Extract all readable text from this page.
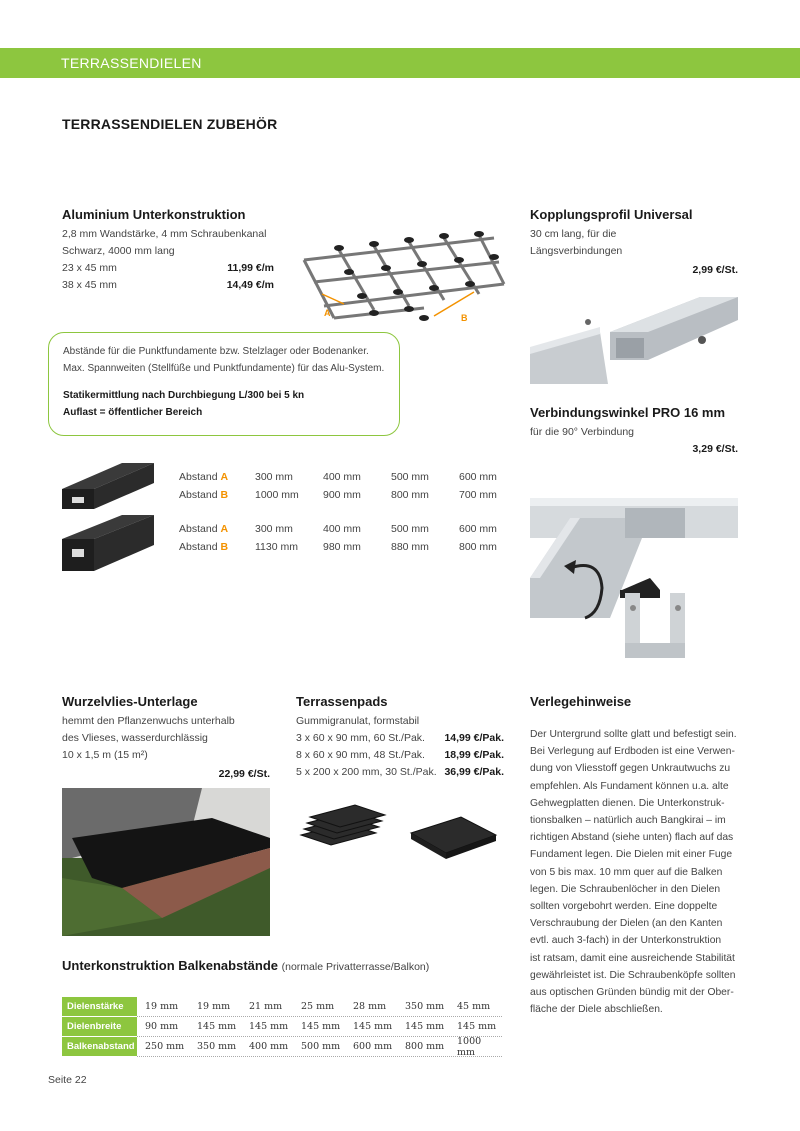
TERRASSENDIELEN
TERRASSENDIELEN ZUBEHÖR
Aluminium Unterkonstruktion
2,8 mm Wandstärke, 4 mm Schraubenkanal
Schwarz, 4000 mm lang
23 x 45 mm	11,99 €/m
38 x 45 mm	14,49 €/m
A	B
Abstände für die Punktfundamente bzw. Stelzlager oder Bodenanker.
Max. Spannweiten (Stellfüße und Punktfundamente) für das Alu-System.
Statikermittlung nach Durchbiegung L/300 bei 5 kn
Auflast = öffentlicher Bereich
Abstand A	300 mm	400 mm	500 mm	600 mm
Abstand B	1000 mm	900 mm	800 mm	700 mm
Abstand A	300 mm	400 mm	500 mm	600 mm
Abstand B	1130 mm	980 mm	880 mm	800 mm
Kopplungsprofil Universal
30 cm lang, für die
Längsverbindungen
2,99 €/St.
Verbindungswinkel PRO 16 mm
für die 90° Verbindung
3,29 €/St.
Wurzelvlies-Unterlage
hemmt den Pflanzenwuchs unterhalb
des Vlieses, wasserdurchlässig
10 x 1,5 m (15 m²)
22,99 €/St.
Terrassenpads
Gummigranulat, formstabil
3 x 60 x 90 mm, 60 St./Pak. 14,99 €/Pak.
8 x 60 x 90 mm, 48 St./Pak. 18,99 €/Pak.
5 x 200 x 200 mm, 30 St./Pak. 36,99 €/Pak.
Verlegehinweise
Der Untergrund sollte glatt und befestigt sein.
Bei Verlegung auf Erdboden ist eine Verwen-
dung von Vliesstoff gegen Unkrautwuchs zu
empfehlen. Als Fundament können u.a. alte
Gehwegplatten dienen. Die Unterkonstruk-
tionsbalken – natürlich auch Bangkirai – im
richtigen Abstand (siehe unten) flach auf das
Fundament legen. Die Dielen mit einer Fuge
von 5 bis max. 10 mm quer auf die Balken
legen. Die Schraubenlöcher in den Dielen
sollten vorgebohrt werden. Eine doppelte
Verschraubung der Dielen (an den Kanten
evtl. auch 3-fach) in der Unterkonstruktion
ist ratsam, damit eine ausreichende Stabilität
gewährleistet ist. Die Schraubenköpfe sollten
aus optischen Gründen bündig mit der Ober-
fläche der Diele abschließen.
Unterkonstruktion Balkenabstände (normale Privatterrasse/Balkon)
Dielenstärke	19 mm	19 mm	21 mm	25 mm	28 mm	350 mm	45 mm
Dielenbreite	90 mm	145 mm	145 mm	145 mm	145 mm	145 mm	145 mm
Balkenabstand	250 mm	350 mm	400 mm	500 mm	600 mm	800 mm	1000 mm
Seite 22
